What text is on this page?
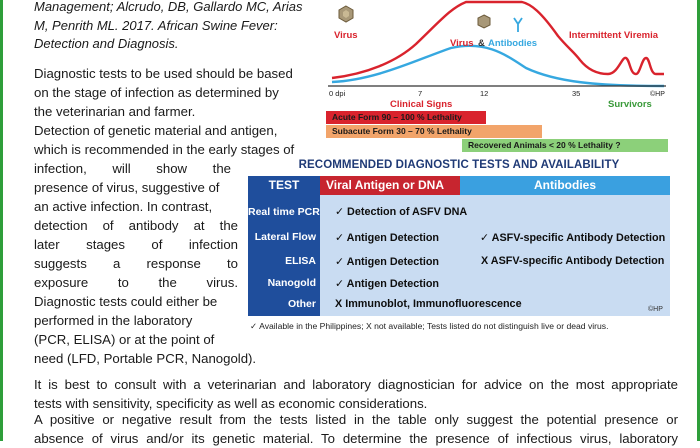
Management; Alcrudo, DB, Gallardo MC, Arias M, Penrith ML. 2017. African Swine Fever: Detection and Diagnosis.

Diagnostic tests to be used should be based
on the stage of infection as determined by
the veterinarian and farmer.

Detection of genetic material and antigen,
which is recommended in the early stages of
infection, will show the
presence of virus, suggestive of
an active infection. In contrast,
detection of antibody at the
later stages of infection
suggests a response to
exposure to the virus.
Diagnostic tests could either be
performed in the laboratory
(PCR, ELISA) or at the point of
need (LFD, Portable PCR, Nanogold).

Virus
Virus & Antibodies
Intermittent Viremia
0 dpi	7	12	35	©HP
Clinical Signs	Survivors
Acute Form 90 – 100 % Lethality
Subacute Form 30 – 70 % Lethality
Recovered Animals < 20 % Lethality ?
RECOMMENDED DIAGNOSTIC TESTS AND AVAILABILITY
TEST	Viral Antigen or DNA	Antibodies
Real time PCR ✓ Detection of ASFV DNA
Lateral Flow	✓ Antigen Detection	✓ ASFV-specific Antibody Detection
ELISA	✓ Antigen Detection	X ASFV-specific Antibody Detection
Nanogold	✓ Antigen Detection
Other	X Immunoblot, Immunofluorescence	©HP
✓ Available in the Philippines; X not available; Tests listed do not distinguish live or dead virus.
It is best to consult with a veterinarian and laboratory diagnostician for advice on the most appropriate
tests with sensitivity, specificity as well as economic considerations.
A positive or negative result from the tests listed in the table only suggest the potential presence or
absence of virus and/or its genetic material. To determine the presence of infectious virus, laboratory
